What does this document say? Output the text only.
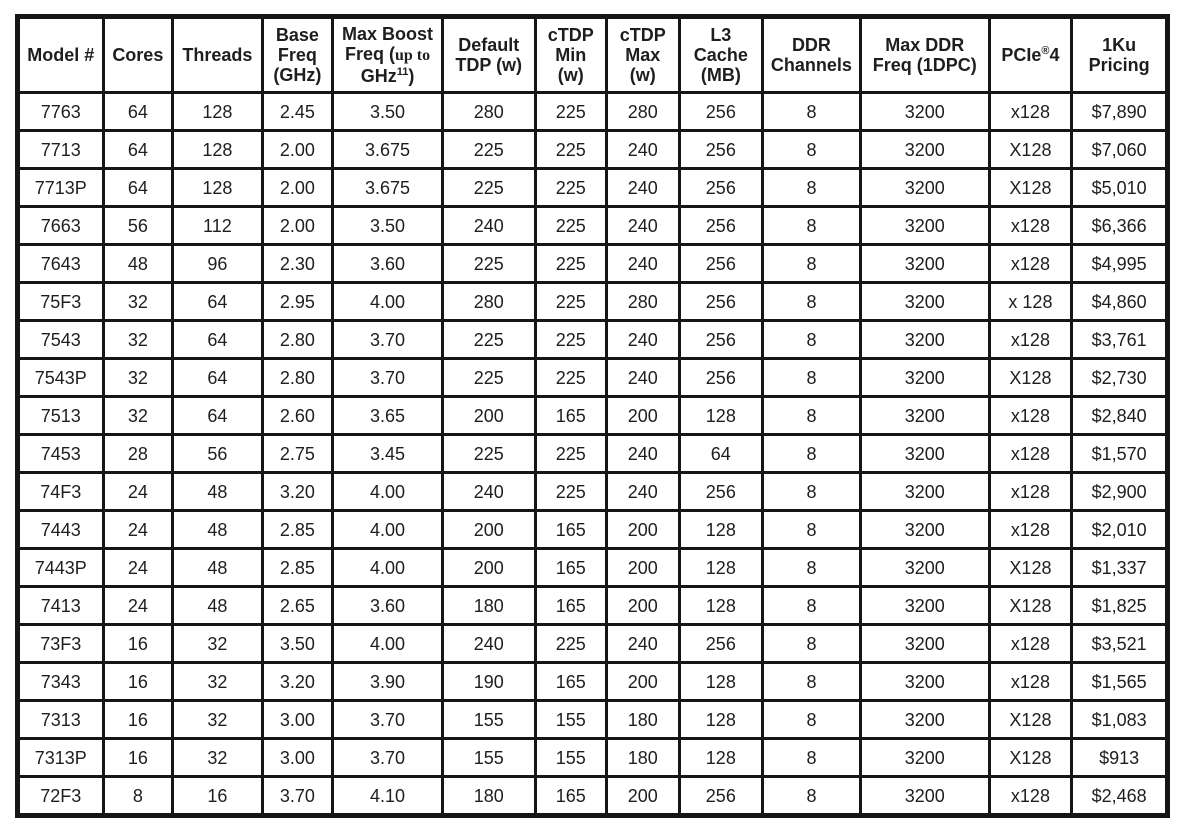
Model #	Cores	Threads	Base
Freq
(GHz)	Max Boost
Freq (up to
GHz$^{11}$)	Default
TDP (w)	cTDP
Min
(w)	cTDP
Max
(w)	L3
Cache
(MB)	DDR
Channels	Max DDR
Freq (1DPC)	PCIe®4	1Ku
Pricing
7763	64	128	2.45	3.50	280	225	280	256	8	3200	x128	$7,890
7713	64	128	2.00	3.675	225	225	240	256	8	3200	X128	$7,060
7713P	64	128	2.00	3.675	225	225	240	256	8	3200	X128	$5,010
7663	56	112	2.00	3.50	240	225	240	256	8	3200	x128	$6,366
7643	48	96	2.30	3.60	225	225	240	256	8	3200	x128	$4,995
75F3	32	64	2.95	4.00	280	225	280	256	8	3200	x 128	$4,860
7543	32	64	2.80	3.70	225	225	240	256	8	3200	x128	$3,761
7543P	32	64	2.80	3.70	225	225	240	256	8	3200	X128	$2,730
7513	32	64	2.60	3.65	200	165	200	128	8	3200	x128	$2,840
7453	28	56	2.75	3.45	225	225	240	64	8	3200	x128	$1,570
74F3	24	48	3.20	4.00	240	225	240	256	8	3200	x128	$2,900
7443	24	48	2.85	4.00	200	165	200	128	8	3200	x128	$2,010
7443P	24	48	2.85	4.00	200	165	200	128	8	3200	X128	$1,337
7413	24	48	2.65	3.60	180	165	200	128	8	3200	X128	$1,825
73F3	16	32	3.50	4.00	240	225	240	256	8	3200	x128	$3,521
7343	16	32	3.20	3.90	190	165	200	128	8	3200	x128	$1,565
7313	16	32	3.00	3.70	155	155	180	128	8	3200	X128	$1,083
7313P	16	32	3.00	3.70	155	155	180	128	8	3200	X128	$913
72F3	8	16	3.70	4.10	180	165	200	256	8	3200	x128	$2,468
